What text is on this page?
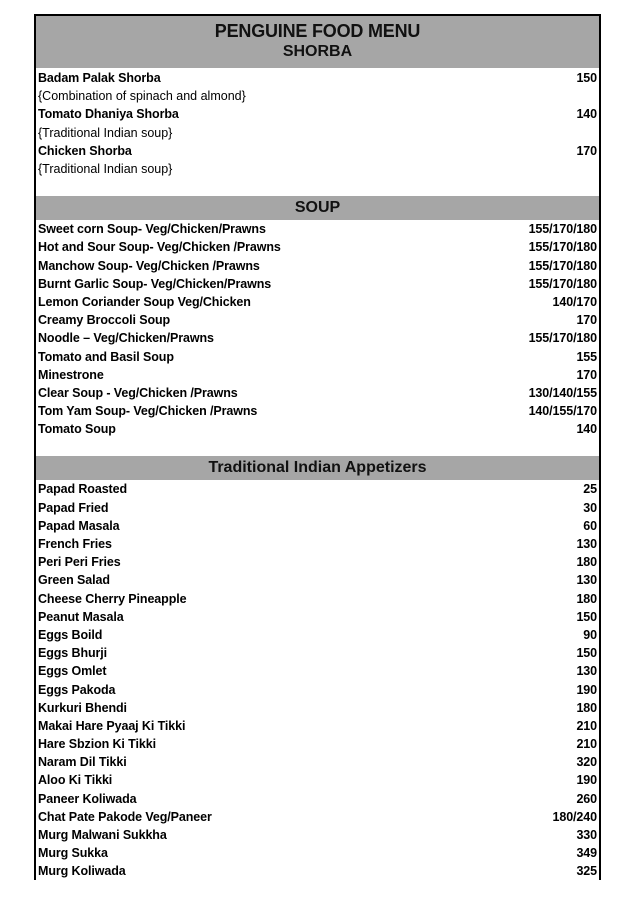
PENGUINE FOOD MENU
SHORBA
Badam Palak Shorba	150
{Combination of spinach and almond}
Tomato Dhaniya Shorba	140
{Traditional Indian soup}
Chicken Shorba	170
{Traditional Indian soup}
SOUP
Sweet corn Soup- Veg/Chicken/Prawns	155/170/180
Hot and Sour Soup- Veg/Chicken /Prawns	155/170/180
Manchow Soup- Veg/Chicken /Prawns	155/170/180
Burnt Garlic Soup- Veg/Chicken/Prawns	155/170/180
Lemon Coriander Soup Veg/Chicken	140/170
Creamy Broccoli Soup	170
Noodle – Veg/Chicken/Prawns	155/170/180
Tomato and Basil Soup	155
Minestrone	170
Clear Soup - Veg/Chicken /Prawns	130/140/155
Tom Yam Soup- Veg/Chicken /Prawns	140/155/170
Tomato Soup	140
Traditional Indian Appetizers
Papad Roasted	25
Papad Fried	30
Papad Masala	60
French Fries	130
Peri Peri Fries	180
Green Salad	130
Cheese Cherry Pineapple	180
Peanut Masala	150
Eggs Boild	90
Eggs Bhurji	150
Eggs Omlet	130
Eggs Pakoda	190
Kurkuri Bhendi	180
Makai Hare Pyaaj Ki Tikki	210
Hare Sbzion Ki Tikki	210
Naram Dil Tikki	320
Aloo Ki Tikki	190
Paneer Koliwada	260
Chat Pate Pakode Veg/Paneer	180/240
Murg Malwani Sukkha	330
Murg Sukka	349
Murg Koliwada	325
